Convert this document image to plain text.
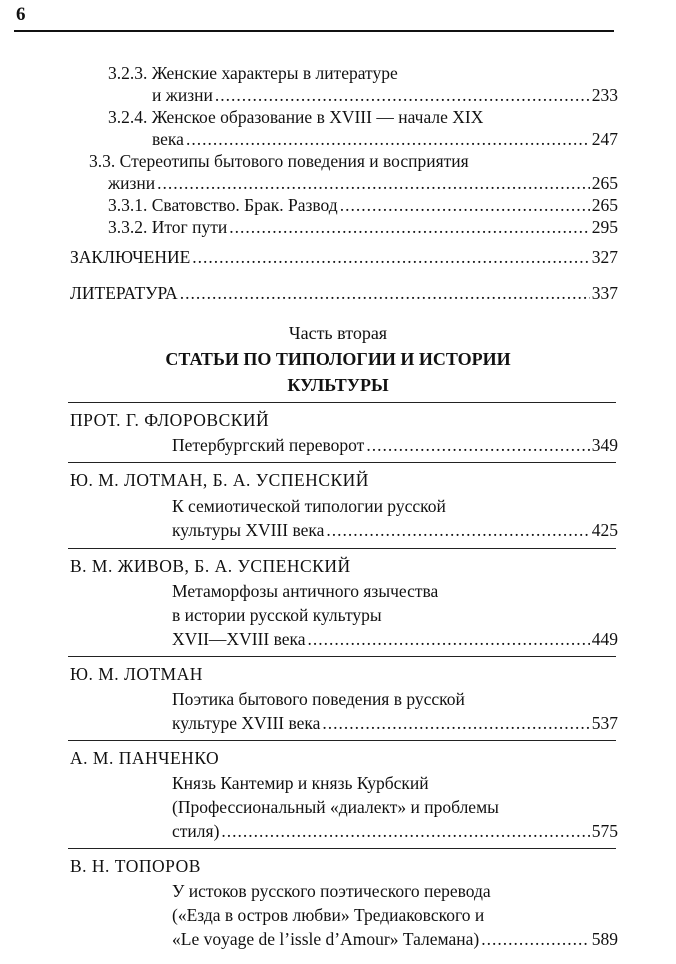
6
3.2.3. Женские характеры в литературе
и жизни .....	233
3.2.4. Женское образование в XVIII — начале XIX
века .....	247
3.3. Стереотипы бытового поведения и восприятия
жизни .....	265
3.3.1. Сватовство. Брак. Развод .....	265
3.3.2. Итог пути .....	295
ЗАКЛЮЧЕНИЕ .....	327
ЛИТЕРАТУРА .....	337
Часть вторая
СТАТЬИ ПО ТИПОЛОГИИ И ИСТОРИИ
КУЛЬТУРЫ
ПРОТ. Г. ФЛОРОВСКИЙ
Петербургский переворот .....	349
Ю. М. ЛОТМАН, Б. А. УСПЕНСКИЙ
К семиотической типологии русской
культуры XVIII века .....	425
В. М. ЖИВОВ, Б. А. УСПЕНСКИЙ
Метаморфозы античного язычества
в истории русской культуры
XVII—XVIII века .....	449
Ю. М. ЛОТМАН
Поэтика бытового поведения в русской
культуре XVIII века .....	537
А. М. ПАНЧЕНКО
Князь Кантемир и князь Курбский
(Профессиональный «диалект» и проблемы
стиля) .....	575
В. Н. ТОПОРОВ
У истоков русского поэтического перевода
(«Езда в остров любви» Тредиаковского и
«Le voyage de l’issle d’Amour» Талемана) .....	589
